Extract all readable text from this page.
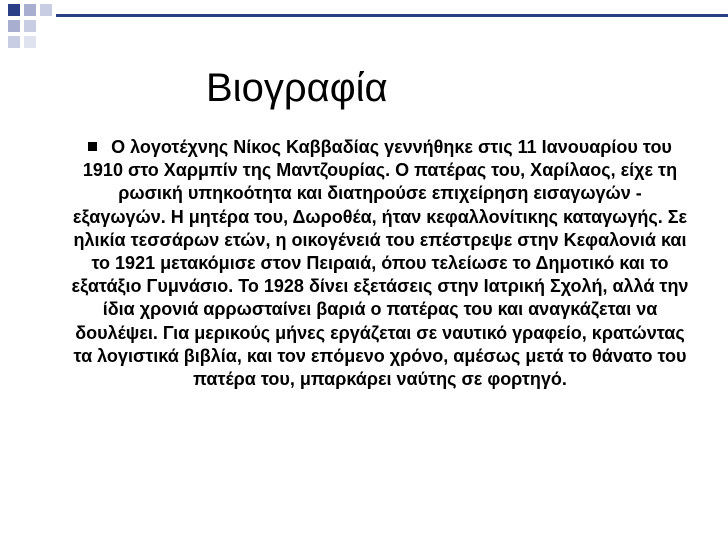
Βιογραφία

Ο λογοτέχνης Νίκος Καββαδίας γεννήθηκε στις 11 Ιανουαρίου του 1910 στο Χαρμπίν της Μαντζουρίας. Ο πατέρας του, Χαρίλαος, είχε τη ρωσική υπηκοότητα και διατηρούσε επιχείρηση εισαγωγών - εξαγωγών. Η μητέρα του, Δωροθέα, ήταν κεφαλλονίτικης καταγωγής. Σε ηλικία τεσσάρων ετών, η οικογένειά του επέστρεψε στην Κεφαλονιά και το 1921 μετακόμισε στον Πειραιά, όπου τελείωσε το Δημοτικό και το εξατάξιο Γυμνάσιο. Το 1928 δίνει εξετάσεις στην Ιατρική Σχολή, αλλά την ίδια χρονιά αρρωσταίνει βαριά ο πατέρας του και αναγκάζεται να δουλέψει. Για μερικούς μήνες εργάζεται σε ναυτικό γραφείο, κρατώντας τα λογιστικά βιβλία, και τον επόμενο χρόνο, αμέσως μετά το θάνατο του πατέρα του, μπαρκάρει ναύτης σε φορτηγό.
